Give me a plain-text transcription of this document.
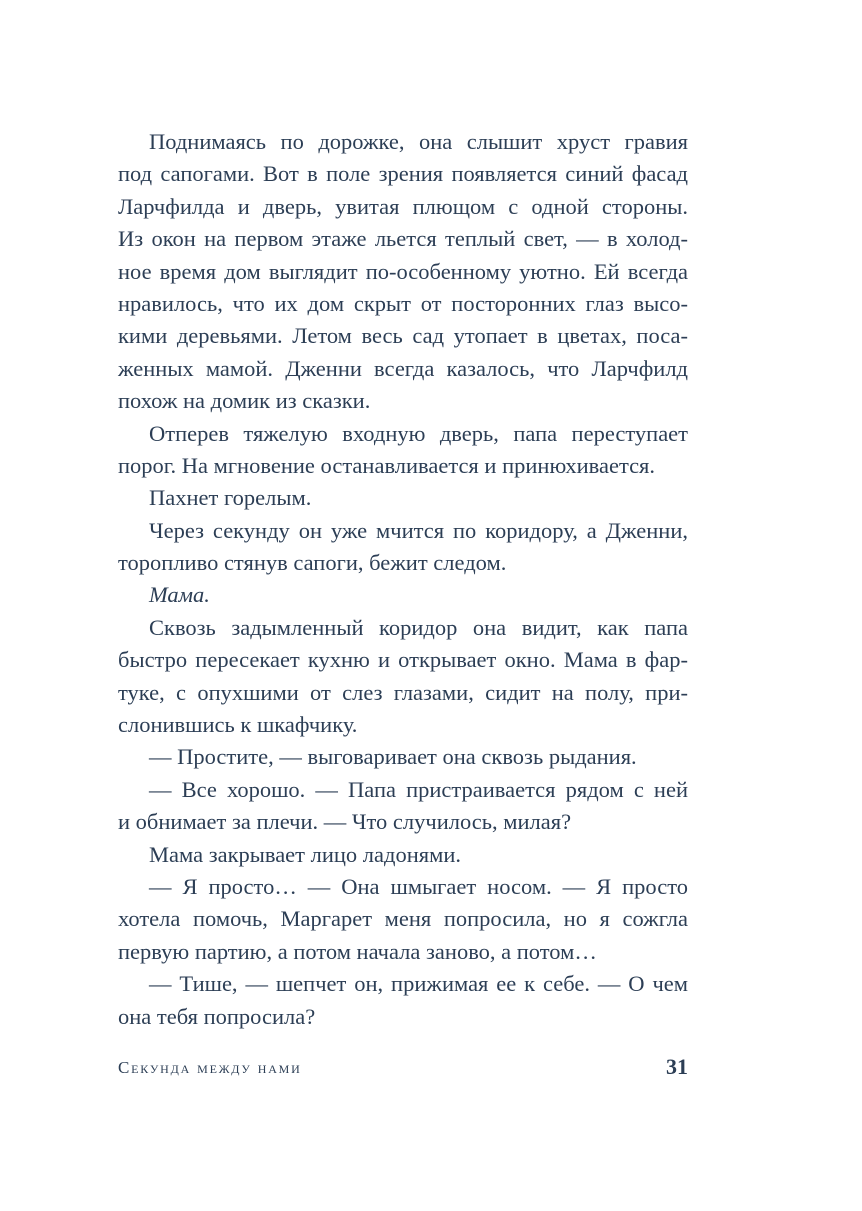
Поднимаясь по дорожке, она слышит хруст гравия
под сапогами. Вот в поле зрения появляется синий фасад
Ларчфилда и дверь, увитая плющом с одной стороны.
Из окон на первом этаже льется теплый свет, — в холод-
ное время дом выглядит по-особенному уютно. Ей всегда
нравилось, что их дом скрыт от посторонних глаз высо-
кими деревьями. Летом весь сад утопает в цветах, поса-
женных мамой. Дженни всегда казалось, что Ларчфилд
похож на домик из сказки.
Отперев тяжелую входную дверь, папа переступает
порог. На мгновение останавливается и принюхивается.
Пахнет горелым.
Через секунду он уже мчится по коридору, а Дженни,
торопливо стянув сапоги, бежит следом.
Мама.
Сквозь задымленный коридор она видит, как папа
быстро пересекает кухню и открывает окно. Мама в фар-
туке, с опухшими от слез глазами, сидит на полу, при-
слонившись к шкафчику.
— Простите, — выговаривает она сквозь рыдания.
— Все хорошо. — Папа пристраивается рядом с ней
и обнимает за плечи. — Что случилось, милая?
Мама закрывает лицо ладонями.
— Я просто… — Она шмыгает носом. — Я просто
хотела помочь, Маргарет меня попросила, но я сожгла
первую партию, а потом начала заново, а потом…
— Тише, — шепчет он, прижимая ее к себе. — О чем
она тебя попросила?
Секунда между нами	31
